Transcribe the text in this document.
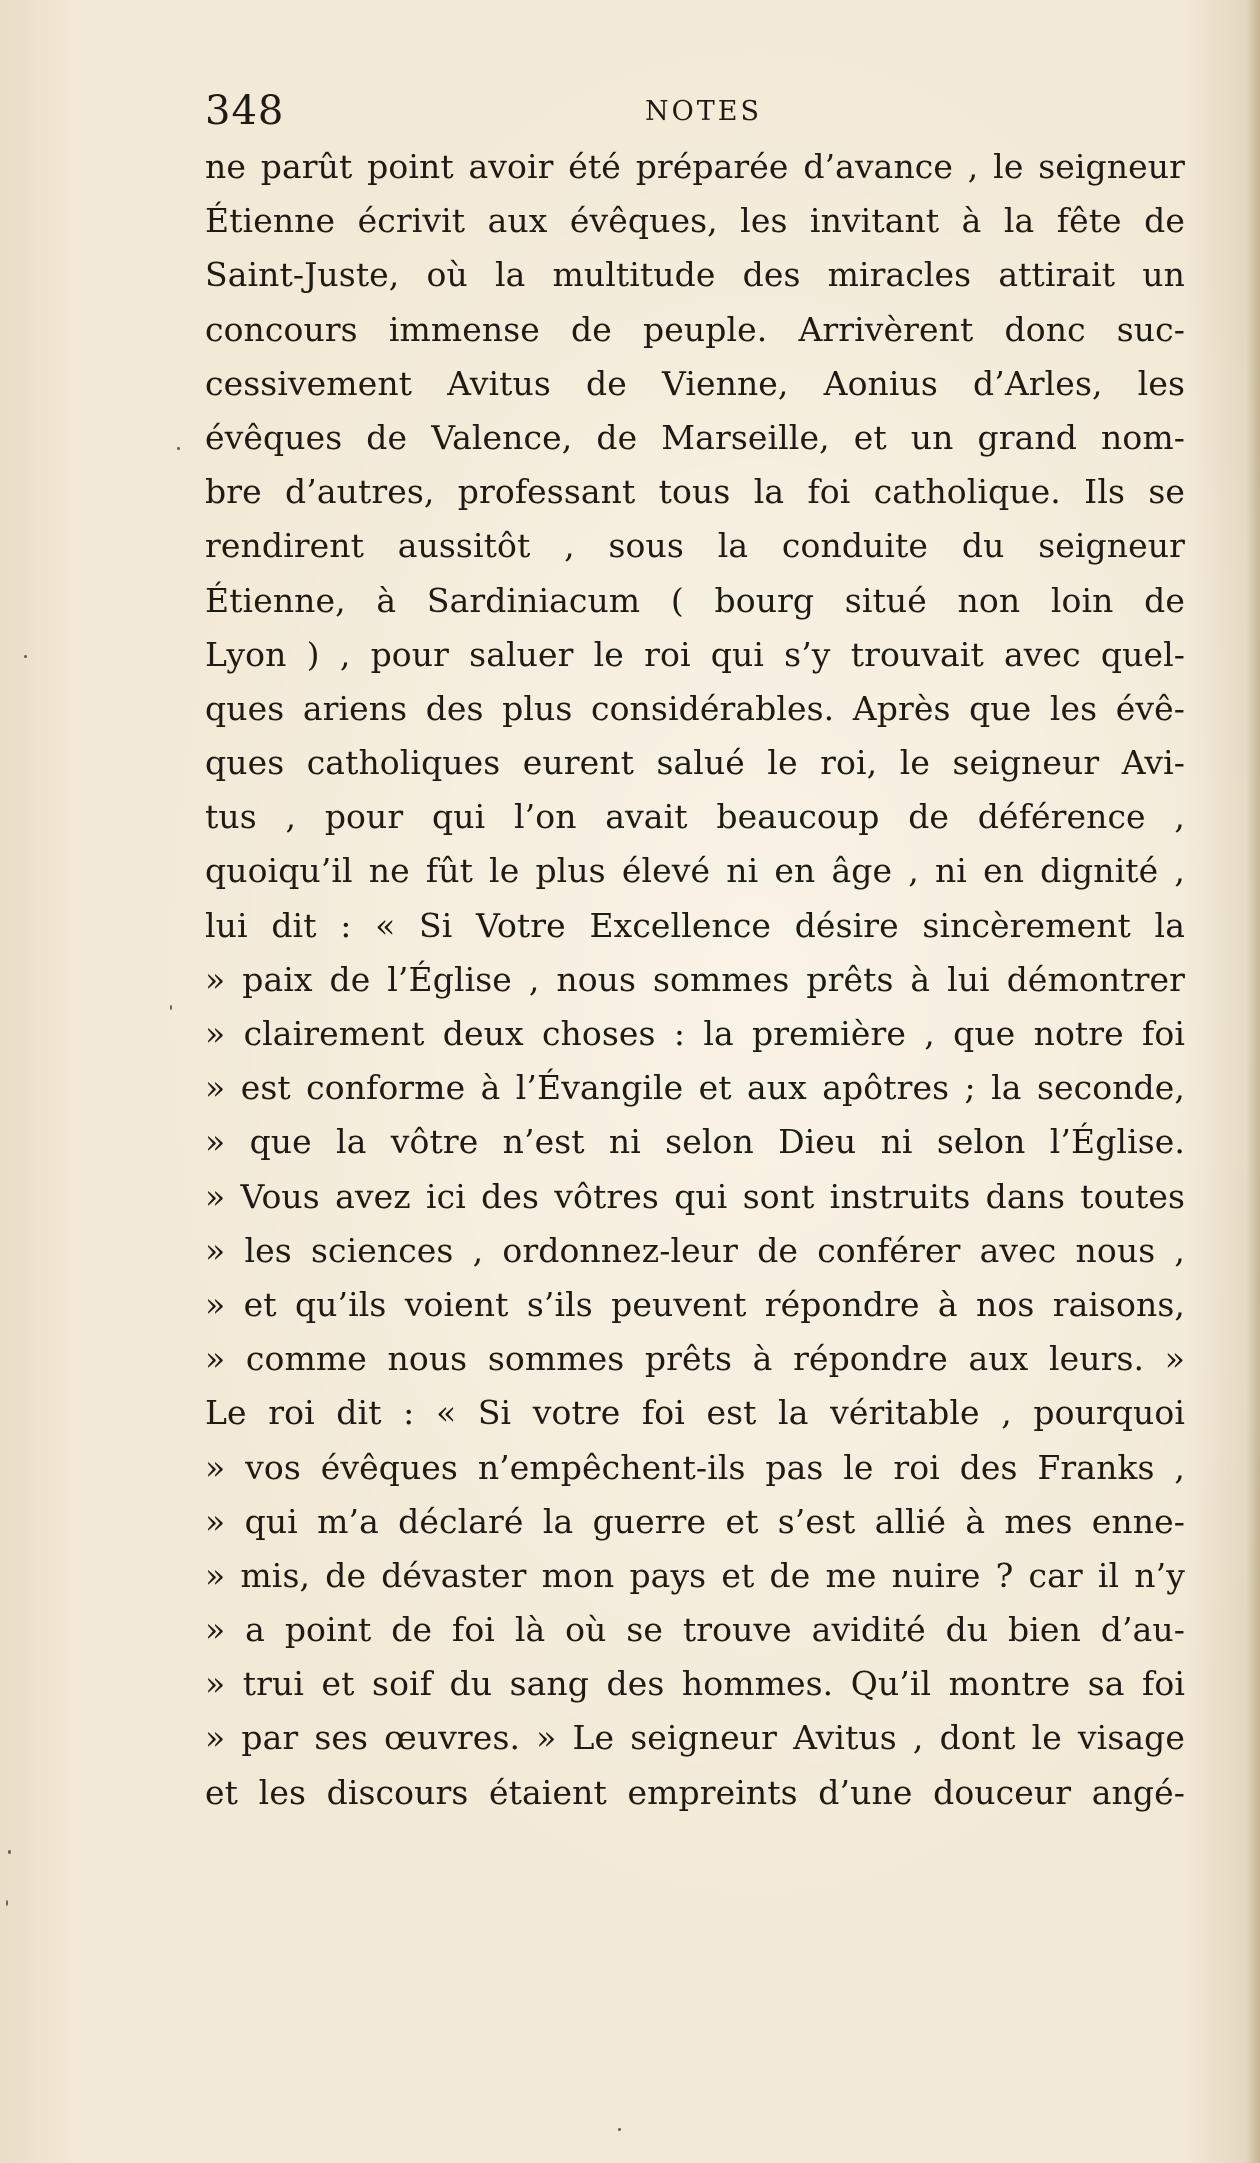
348	NOTES
ne parût point avoir été préparée d’avance , le seigneur
Étienne écrivit aux évêques, les invitant à la fête de
Saint-Juste, où la multitude des miracles attirait un
concours immense de peuple. Arrivèrent donc suc-
cessivement Avitus de Vienne, Aonius d’Arles, les
évêques de Valence, de Marseille, et un grand nom-
bre d’autres, professant tous la foi catholique. Ils se
rendirent aussitôt , sous la conduite du seigneur
Étienne, à Sardiniacum ( bourg situé non loin de
Lyon ) , pour saluer le roi qui s’y trouvait avec quel-
ques ariens des plus considérables. Après que les évê-
ques catholiques eurent salué le roi, le seigneur Avi-
tus , pour qui l’on avait beaucoup de déférence ,
quoiqu’il ne fût le plus élevé ni en âge , ni en dignité ,
lui dit : « Si Votre Excellence désire sincèrement la
» paix de l’Église , nous sommes prêts à lui démontrer
» clairement deux choses : la première , que notre foi
» est conforme à l’Évangile et aux apôtres ; la seconde,
» que la vôtre n’est ni selon Dieu ni selon l’Église.
» Vous avez ici des vôtres qui sont instruits dans toutes
» les sciences , ordonnez-leur de conférer avec nous ,
» et qu’ils voient s’ils peuvent répondre à nos raisons,
» comme nous sommes prêts à répondre aux leurs. »
Le roi dit : « Si votre foi est la véritable , pourquoi
» vos évêques n’empêchent-ils pas le roi des Franks ,
» qui m’a déclaré la guerre et s’est allié à mes enne-
» mis, de dévaster mon pays et de me nuire ? car il n’y
» a point de foi là où se trouve avidité du bien d’au-
» trui et soif du sang des hommes. Qu’il montre sa foi
» par ses œuvres. » Le seigneur Avitus , dont le visage
et les discours étaient empreints d’une douceur angé-
